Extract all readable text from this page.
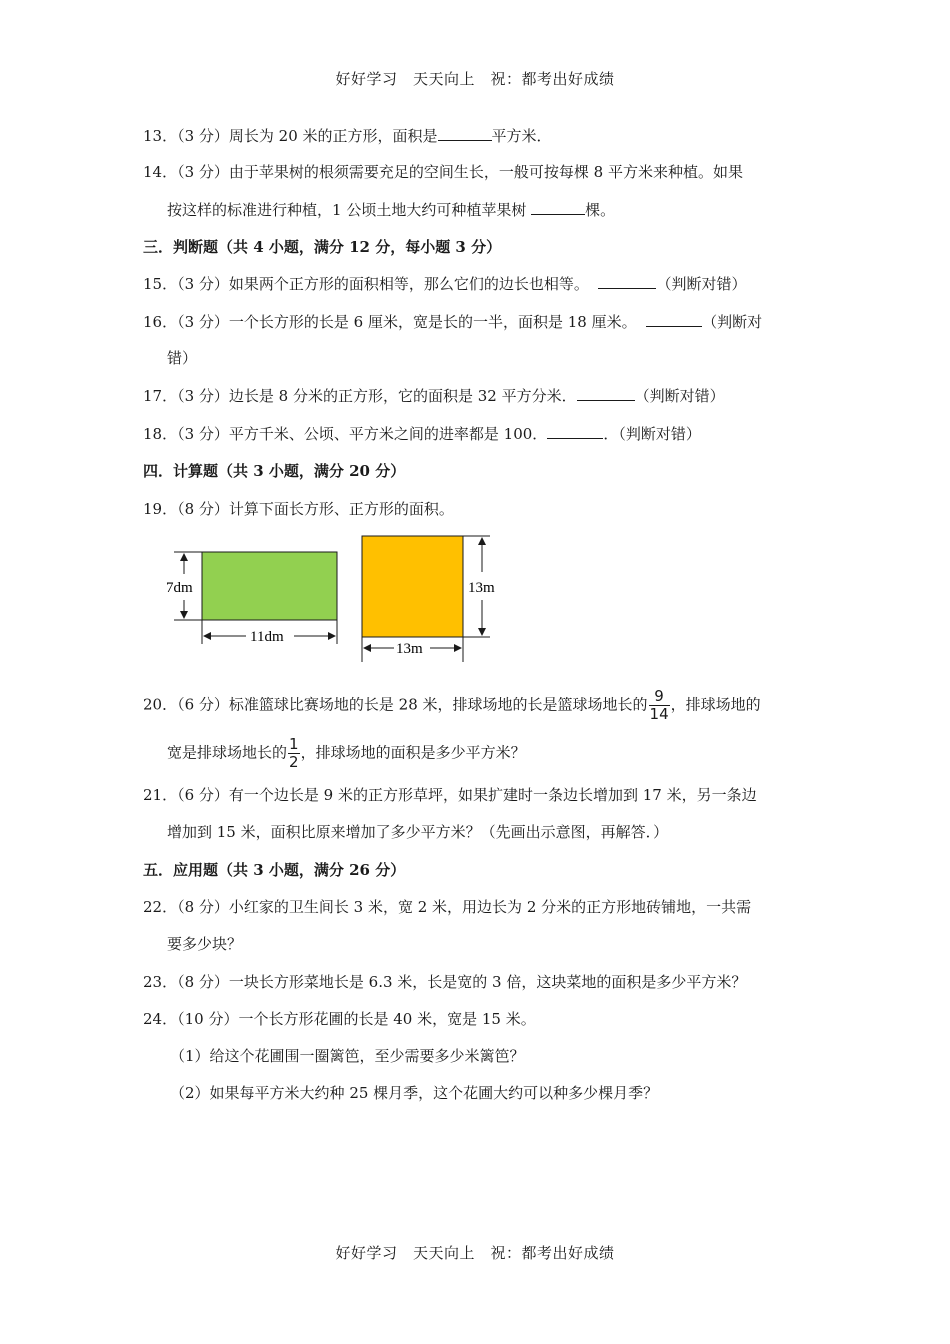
好好学习　天天向上　祝：都考出好成绩
13．（3 分）周长为 20 米的正方形，面积是	平方米．
14．（3 分）由于苹果树的根须需要充足的空间生长，一般可按每棵 8 平方米来种植。如果
按这样的标准进行种植，1 公顷土地大约可种植苹果树	棵。
三．判断题（共 4 小题，满分 12 分，每小题 3 分）
15．（3 分）如果两个正方形的面积相等，那么它们的边长也相等。	（判断对错）
16．（3 分）一个长方形的长是 6 厘米，宽是长的一半，面积是 18 厘米。	（判断对
错）
17．（3 分）边长是 8 分米的正方形，它的面积是 32 平方分米．	（判断对错）
18．（3 分）平方千米、公顷、平方米之间的进率都是 100．	．（判断对错）
四．计算题（共 3 小题，满分 20 分）
19．（8 分）计算下面长方形、正方形的面积。
7dm
11dm
13m
13m
20．（6 分）标准篮球比赛场地的长是 28 米，排球场地的长是篮球场地长的 $\frac{9}{14}$ ，排球场地的
宽是排球场地长的 $\frac{1}{2}$ ，排球场地的面积是多少平方米？
21．（6 分）有一个边长是 9 米的正方形草坪，如果扩建时一条边长增加到 17 米，另一条边
增加到 15 米，面积比原来增加了多少平方米？（先画出示意图，再解答．）
五．应用题（共 3 小题，满分 26 分）
22．（8 分）小红家的卫生间长 3 米，宽 2 米，用边长为 2 分米的正方形地砖铺地，一共需
要多少块？
23．（8 分）一块长方形菜地长是 6.3 米，长是宽的 3 倍，这块菜地的面积是多少平方米？
24．（10 分）一个长方形花圃的长是 40 米，宽是 15 米。
（1）给这个花圃围一圈篱笆，至少需要多少米篱笆？
（2）如果每平方米大约种 25 棵月季，这个花圃大约可以种多少棵月季？
好好学习　天天向上　祝：都考出好成绩
